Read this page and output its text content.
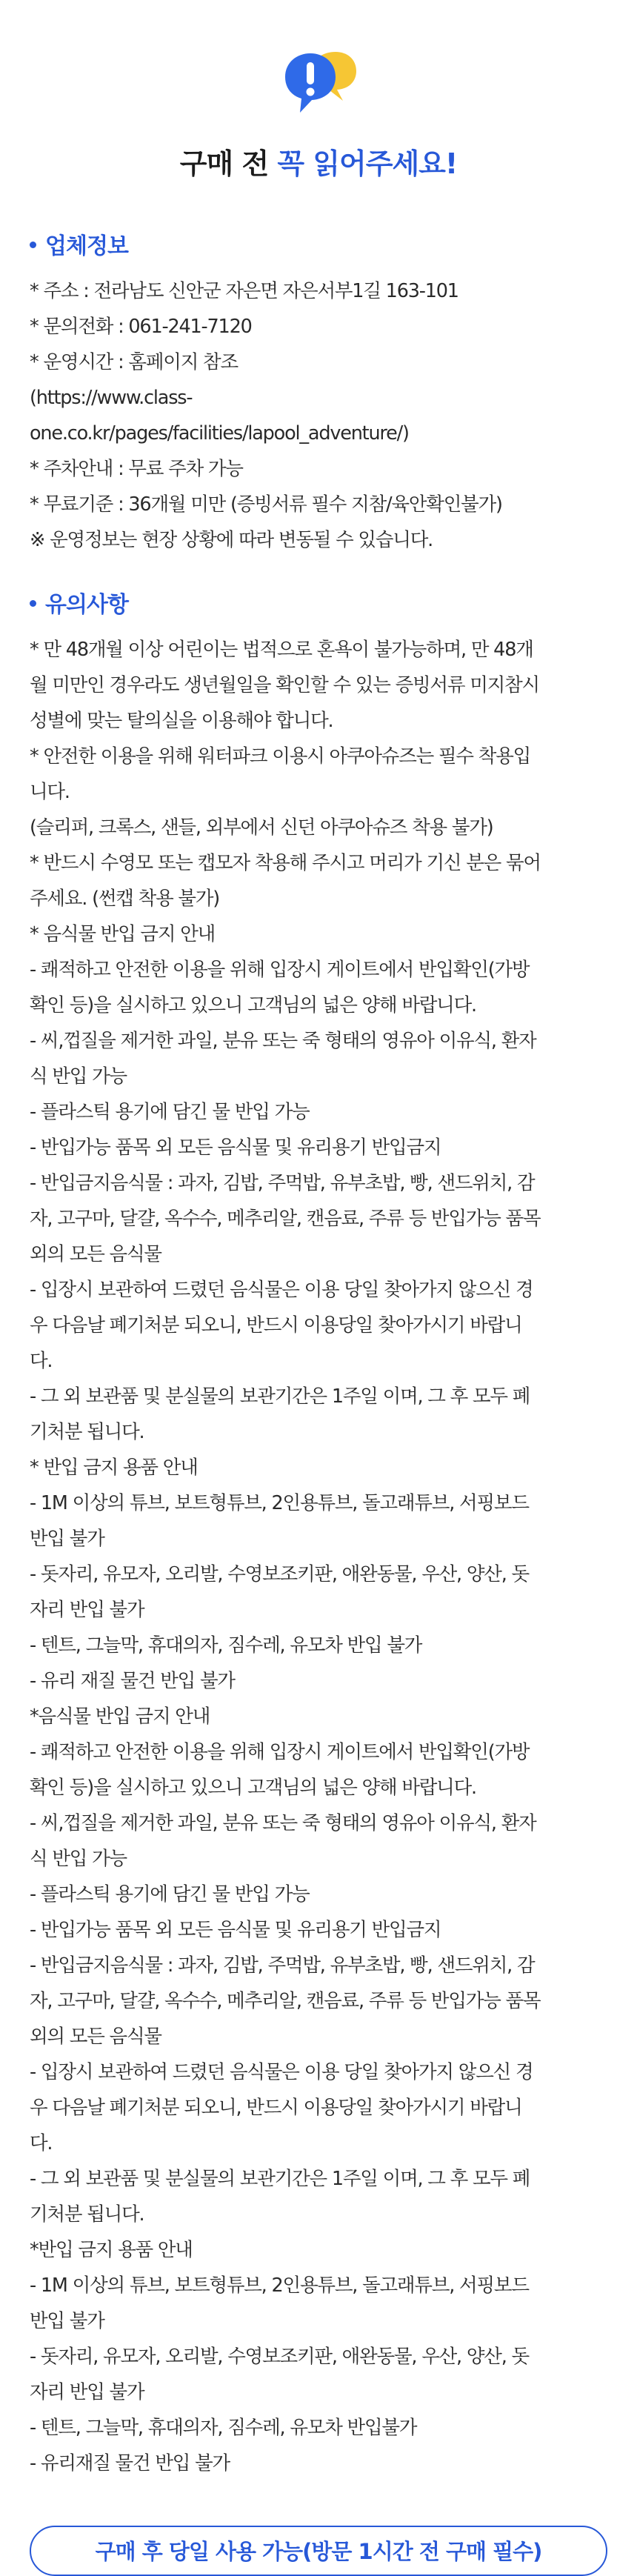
구매 전 꼭 읽어주세요!
업체정보
* 주소 : 전라남도 신안군 자은면 자은서부1길 163-101
* 문의전화 : 061-241-7120
* 운영시간 : 홈페이지 참조
(https://www.class-
one.co.kr/pages/facilities/lapool_adventure/)
* 주차안내 : 무료 주차 가능
* 무료기준 : 36개월 미만 (증빙서류 필수 지참/육안확인불가)
※ 운영정보는 현장 상황에 따라 변동될 수 있습니다.
유의사항
* 만 48개월 이상 어린이는 법적으로 혼욕이 불가능하며, 만 48개
월 미만인 경우라도 생년월일을 확인할 수 있는 증빙서류 미지참시
성별에 맞는 탈의실을 이용해야 합니다.
* 안전한 이용을 위해 워터파크 이용시 아쿠아슈즈는 필수 착용입
니다.
(슬리퍼, 크록스, 샌들, 외부에서 신던 아쿠아슈즈 착용 불가)
* 반드시 수영모 또는 캡모자 착용해 주시고 머리가 기신 분은 묶어
주세요. (썬캡 착용 불가)
* 음식물 반입 금지 안내
- 쾌적하고 안전한 이용을 위해 입장시 게이트에서 반입확인(가방
확인 등)을 실시하고 있으니 고객님의 넓은 양해 바랍니다.
- 씨,껍질을 제거한 과일, 분유 또는 죽 형태의 영유아 이유식, 환자
식 반입 가능
- 플라스틱 용기에 담긴 물 반입 가능
- 반입가능 품목 외 모든 음식물 및 유리용기 반입금지
- 반입금지음식물 : 과자, 김밥, 주먹밥, 유부초밥, 빵, 샌드위치, 감
자, 고구마, 달걀, 옥수수, 메추리알, 캔음료, 주류 등 반입가능 품목
외의 모든 음식물
- 입장시 보관하여 드렸던 음식물은 이용 당일 찾아가지 않으신 경
우 다음날 폐기처분 되오니, 반드시 이용당일 찾아가시기 바랍니
다.
- 그 외 보관품 및 분실물의 보관기간은 1주일 이며, 그 후 모두 폐
기처분 됩니다.
* 반입 금지 용품 안내
- 1M 이상의 튜브, 보트형튜브, 2인용튜브, 돌고래튜브, 서핑보드
반입 불가
- 돗자리, 유모자, 오리발, 수영보조키판, 애완동물, 우산, 양산, 돗
자리 반입 불가
- 텐트, 그늘막, 휴대의자, 짐수레, 유모차 반입 불가
- 유리 재질 물건 반입 불가
*음식물 반입 금지 안내
- 쾌적하고 안전한 이용을 위해 입장시 게이트에서 반입확인(가방
확인 등)을 실시하고 있으니 고객님의 넓은 양해 바랍니다.
- 씨,껍질을 제거한 과일, 분유 또는 죽 형태의 영유아 이유식, 환자
식 반입 가능
- 플라스틱 용기에 담긴 물 반입 가능
- 반입가능 품목 외 모든 음식물 및 유리용기 반입금지
- 반입금지음식물 : 과자, 김밥, 주먹밥, 유부초밥, 빵, 샌드위치, 감
자, 고구마, 달걀, 옥수수, 메추리알, 캔음료, 주류 등 반입가능 품목
외의 모든 음식물
- 입장시 보관하여 드렸던 음식물은 이용 당일 찾아가지 않으신 경
우 다음날 폐기처분 되오니, 반드시 이용당일 찾아가시기 바랍니
다.
- 그 외 보관품 및 분실물의 보관기간은 1주일 이며, 그 후 모두 폐
기처분 됩니다.
*반입 금지 용품 안내
- 1M 이상의 튜브, 보트형튜브, 2인용튜브, 돌고래튜브, 서핑보드
반입 불가
- 돗자리, 유모자, 오리발, 수영보조키판, 애완동물, 우산, 양산, 돗
자리 반입 불가
- 텐트, 그늘막, 휴대의자, 짐수레, 유모차 반입불가
- 유리재질 물건 반입 불가
구매 후 당일 사용 가능(방문 1시간 전 구매 필수)
